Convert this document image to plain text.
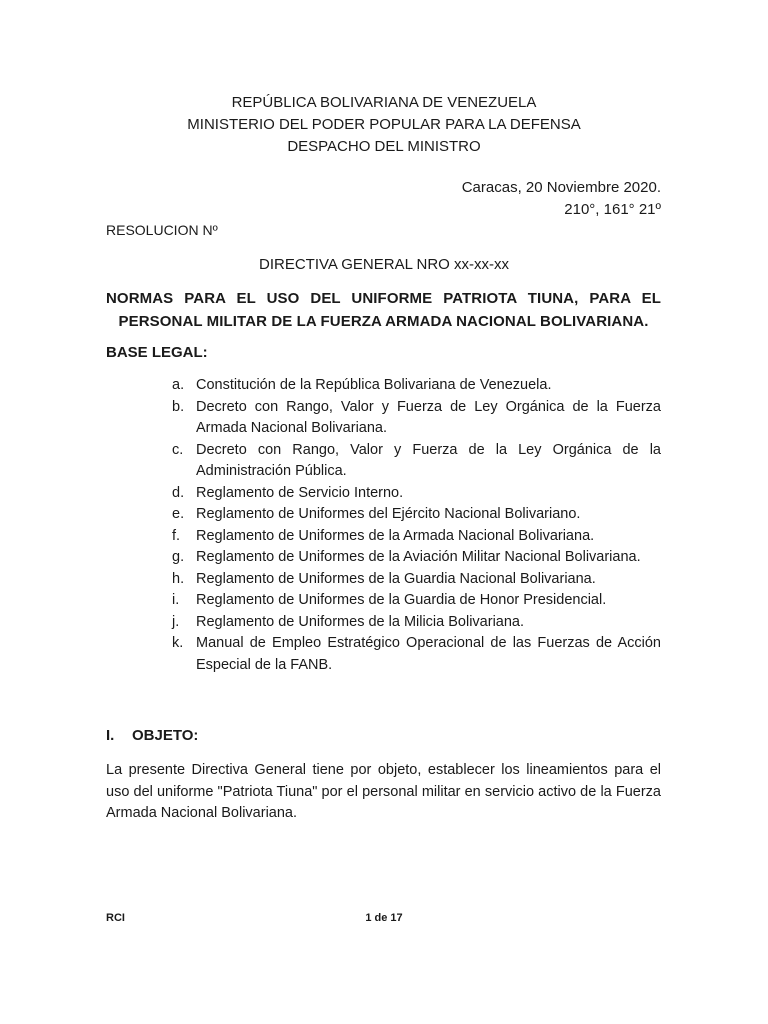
REPÚBLICA BOLIVARIANA DE VENEZUELA
MINISTERIO DEL PODER POPULAR PARA LA DEFENSA
DESPACHO DEL MINISTRO
Caracas, 20 Noviembre 2020.
210°, 161° 21º
RESOLUCION Nº
DIRECTIVA GENERAL NRO xx-xx-xx
NORMAS PARA EL USO DEL UNIFORME PATRIOTA TIUNA, PARA EL PERSONAL MILITAR DE LA FUERZA ARMADA NACIONAL BOLIVARIANA.
BASE LEGAL:
a. Constitución de la República Bolivariana de Venezuela.
b. Decreto con Rango, Valor y Fuerza de Ley Orgánica de la Fuerza Armada Nacional Bolivariana.
c. Decreto con Rango, Valor y Fuerza de la Ley Orgánica de la Administración Pública.
d. Reglamento de Servicio Interno.
e. Reglamento de Uniformes del Ejército Nacional Bolivariano.
f. Reglamento de Uniformes de la Armada Nacional Bolivariana.
g. Reglamento de Uniformes de la Aviación Militar Nacional Bolivariana.
h. Reglamento de Uniformes de la Guardia Nacional Bolivariana.
i. Reglamento de Uniformes de la Guardia de Honor Presidencial.
j. Reglamento de Uniformes de la Milicia Bolivariana.
k. Manual de Empleo Estratégico Operacional de las Fuerzas de Acción Especial de la FANB.
I. OBJETO:
La presente Directiva General tiene por objeto, establecer los lineamientos para el uso del uniforme "Patriota Tiuna" por el personal militar en servicio activo de la Fuerza Armada Nacional Bolivariana.
RCI	1 de 17
